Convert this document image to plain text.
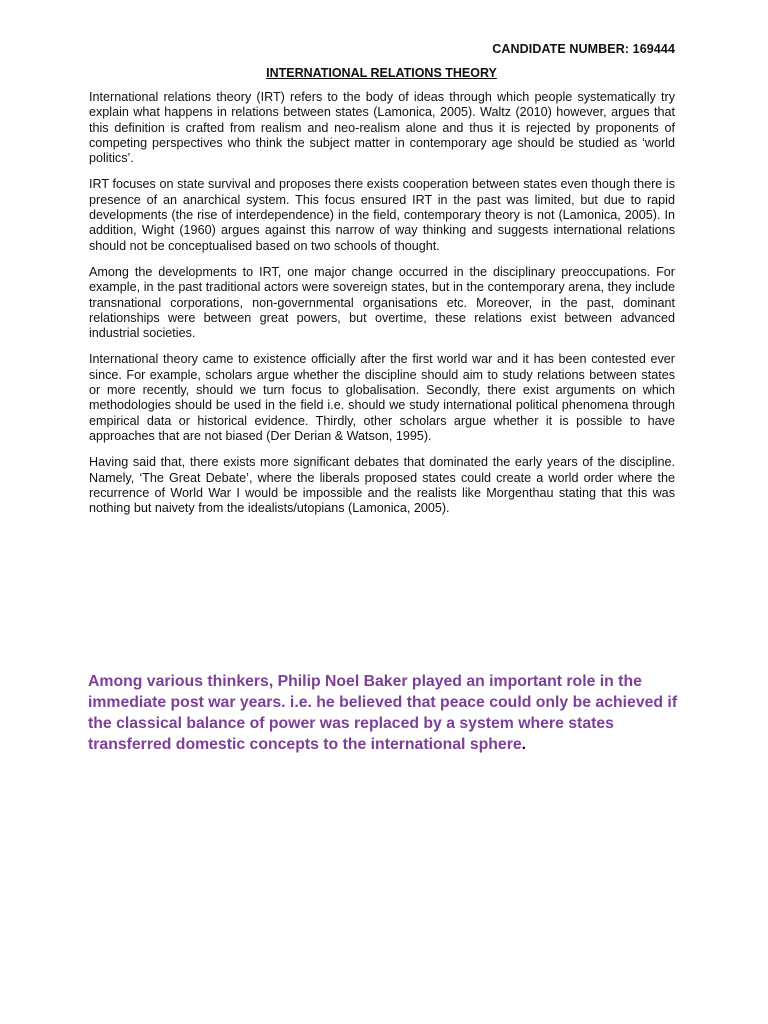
CANDIDATE NUMBER: 169444
INTERNATIONAL RELATIONS THEORY

International relations theory (IRT) refers to the body of ideas through which people systematically try explain what happens in relations between states (Lamonica, 2005). Waltz (2010) however, argues that this definition is crafted from realism and neo-realism alone and thus it is rejected by proponents of competing perspectives who think the subject matter in contemporary age should be studied as ‘world politics’.

IRT focuses on state survival and proposes there exists cooperation between states even though there is presence of an anarchical system. This focus ensured IRT in the past was limited, but due to rapid developments (the rise of interdependence) in the field, contemporary theory is not (Lamonica, 2005). In addition, Wight (1960) argues against this narrow of way thinking and suggests international relations should not be conceptualised based on two schools of thought.

Among the developments to IRT, one major change occurred in the disciplinary preoccupations. For example, in the past traditional actors were sovereign states, but in the contemporary arena, they include transnational corporations, non-governmental organisations etc. Moreover, in the past, dominant relationships were between great powers, but overtime, these relations exist between advanced industrial societies.

International theory came to existence officially after the first world war and it has been contested ever since. For example, scholars argue whether the discipline should aim to study relations between states or more recently, should we turn focus to globalisation. Secondly, there exist arguments on which methodologies should be used in the field i.e. should we study international political phenomena through empirical data or historical evidence. Thirdly, other scholars argue whether it is possible to have approaches that are not biased (Der Derian & Watson, 1995).

Having said that, there exists more significant debates that dominated the early years of the discipline. Namely, ‘The Great Debate’, where the liberals proposed states could create a world order where the recurrence of World War I would be impossible and the realists like Morgenthau stating that this was nothing but naivety from the idealists/utopians (Lamonica, 2005).

Among various thinkers, Philip Noel Baker played an important role in the immediate post war years. i.e. he believed that peace could only be achieved if the classical balance of power was replaced by a system where states transferred domestic concepts to the international sphere.
